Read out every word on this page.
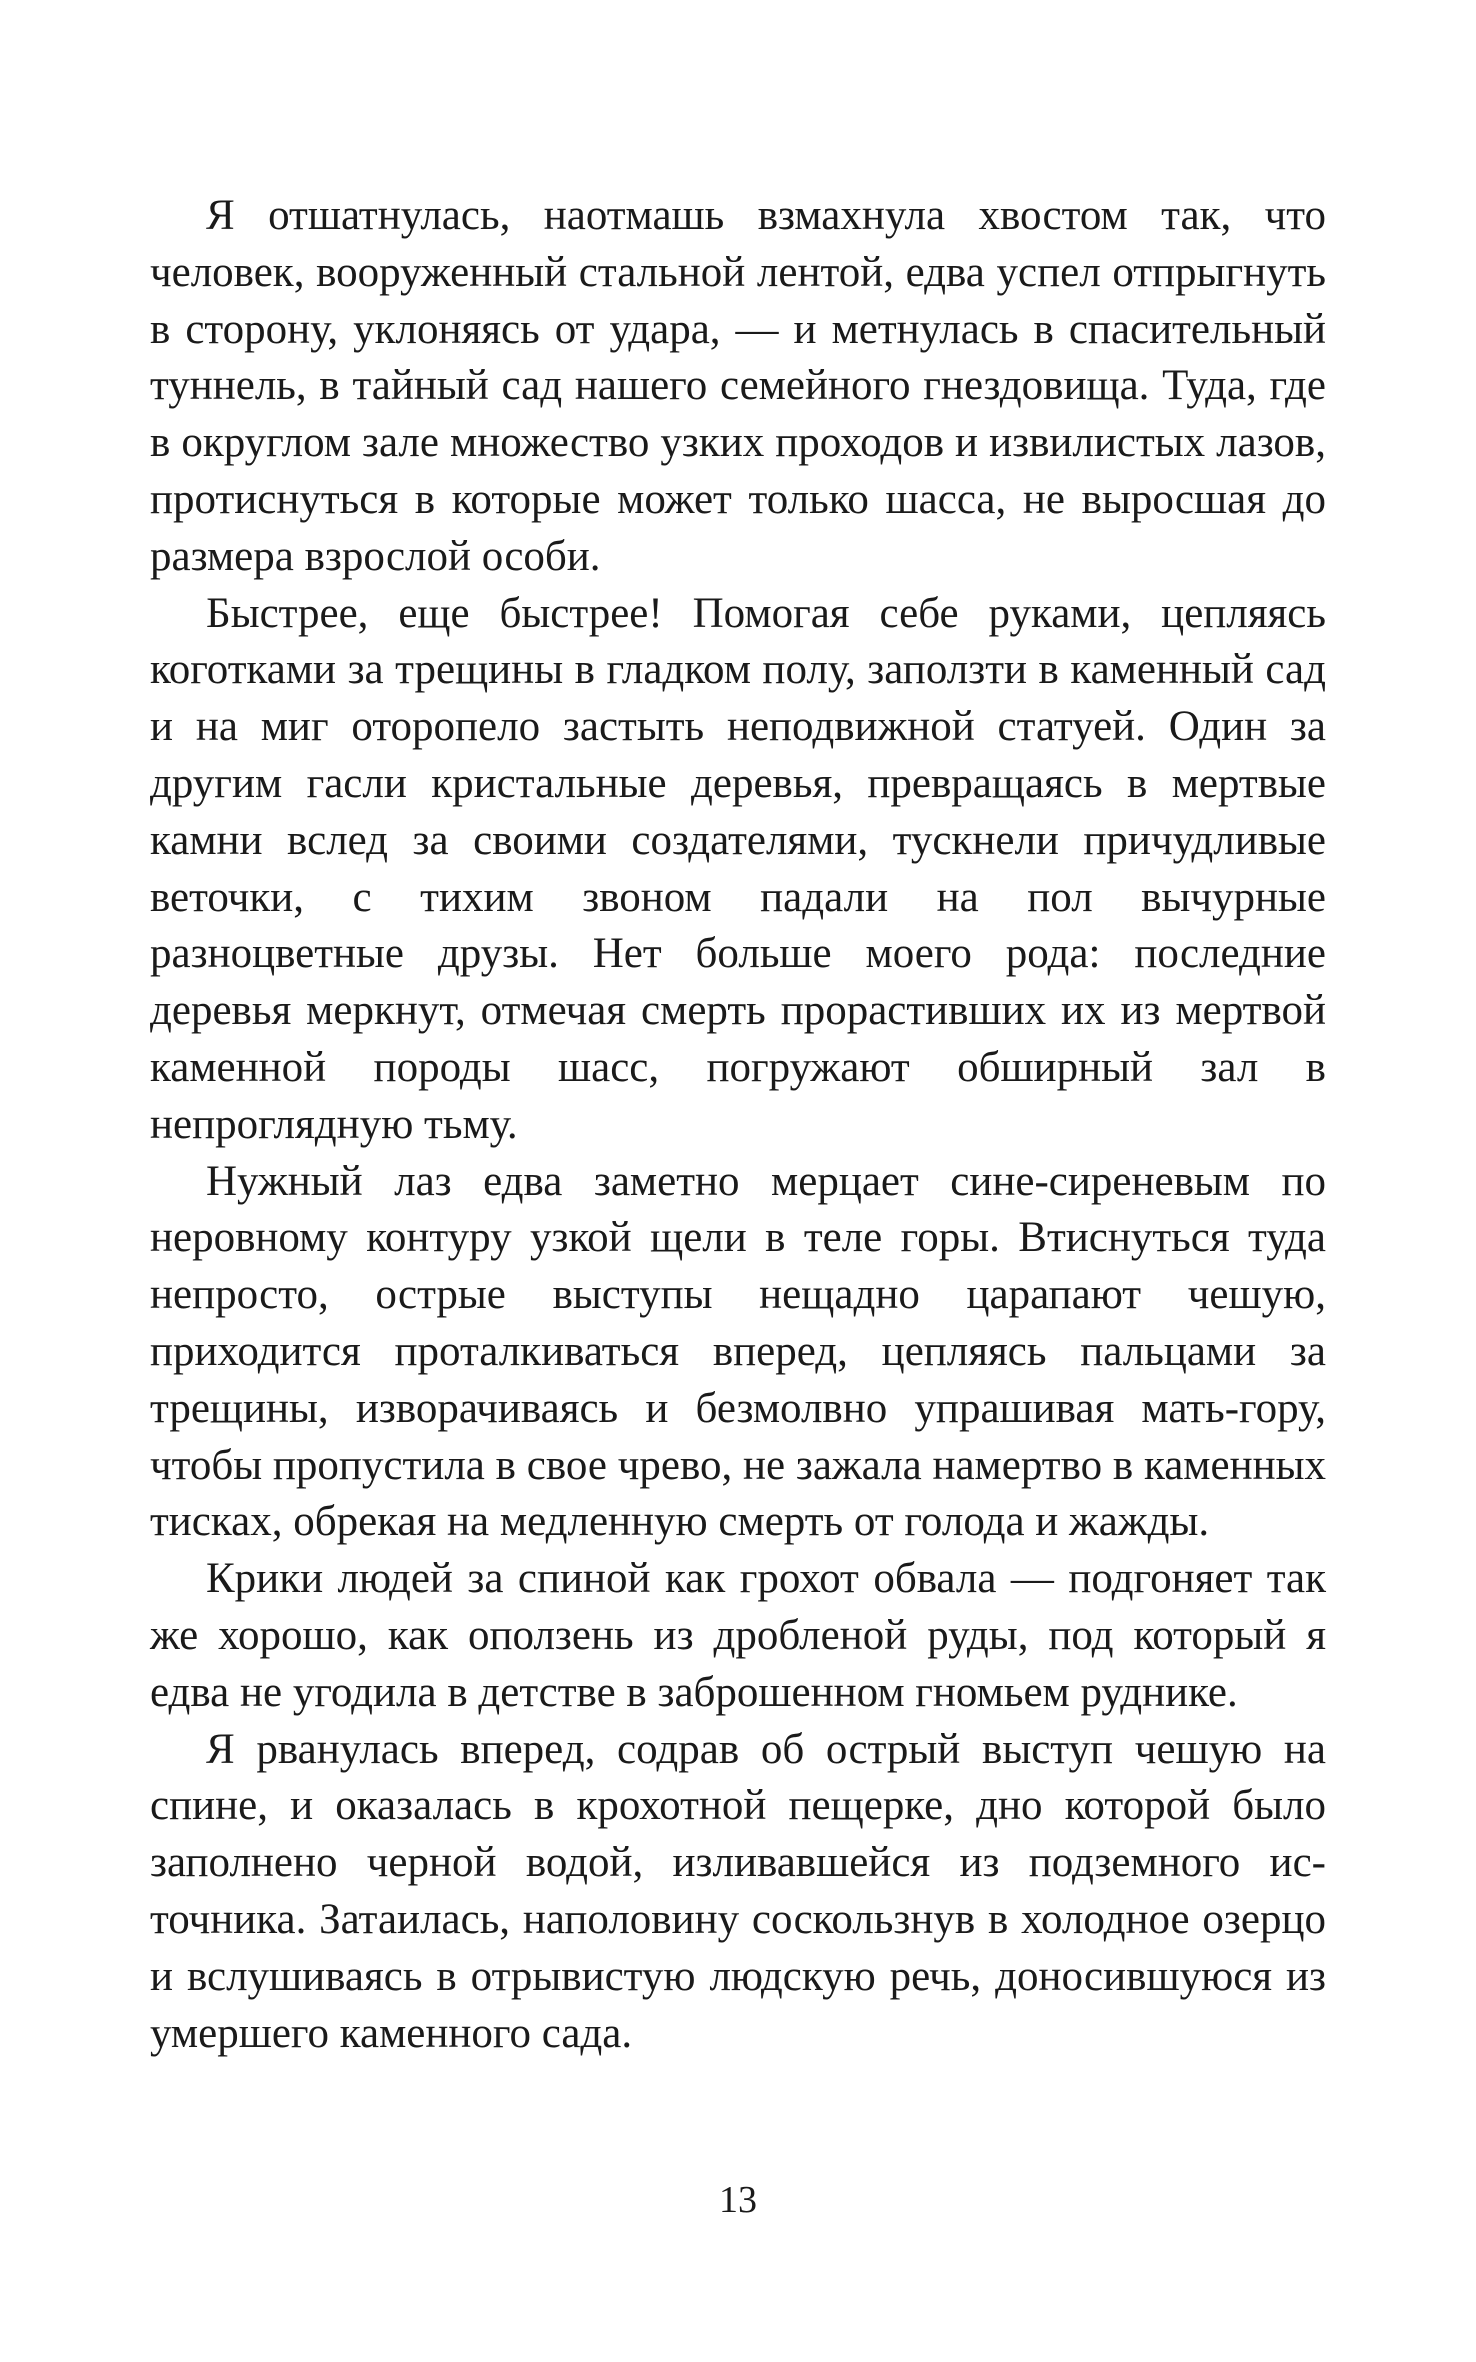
Я отшатнулась, наотмашь взмахнула хвостом так, что человек, вооруженный стальной лентой, едва успел отпрыгнуть в сторону, уклоняясь от удара, — и метнулась в спасительный туннель, в тайный сад нашего семейного гнездовища. Туда, где в округлом зале множество узких проходов и извилистых лазов, протиснуться в которые может только шасса, не выросшая до размера взрослой особи.

Быстрее, еще быстрее! Помогая себе руками, цепляясь коготками за трещины в гладком полу, заползти в каменный сад и на миг оторопело застыть неподвижной статуей. Один за другим гасли кристальные деревья, превращаясь в мертвые камни вслед за своими создателями, тускнели причудливые веточки, с тихим звоном падали на пол вычурные разноцветные друзы. Нет больше моего рода: последние деревья меркнут, отмечая смерть прорастивших их из мертвой каменной породы шасс, погружают обширный зал в непроглядную тьму.

Нужный лаз едва заметно мерцает сине-сиреневым по неровному контуру узкой щели в теле горы. Втиснуться туда непросто, острые выступы нещадно царапают чешую, приходится проталкиваться вперед, цепляясь пальцами за трещины, изворачиваясь и безмолвно упрашивая мать-гору, чтобы пропустила в свое чрево, не зажала намертво в каменных тисках, обрекая на медленную смерть от голода и жажды.

Крики людей за спиной как грохот обвала — подгоняет так же хорошо, как оползень из дробленой руды, под который я едва не угодила в детстве в заброшенном гномьем руднике.

Я рванулась вперед, содрав об острый выступ чешую на спине, и оказалась в крохотной пещерке, дно которой было заполнено черной водой, изливавшейся из подземного источника. Затаилась, наполовину соскользнув в холодное озерцо и вслушиваясь в отрывистую людскую речь, доносившуюся из умершего каменного сада.

13
